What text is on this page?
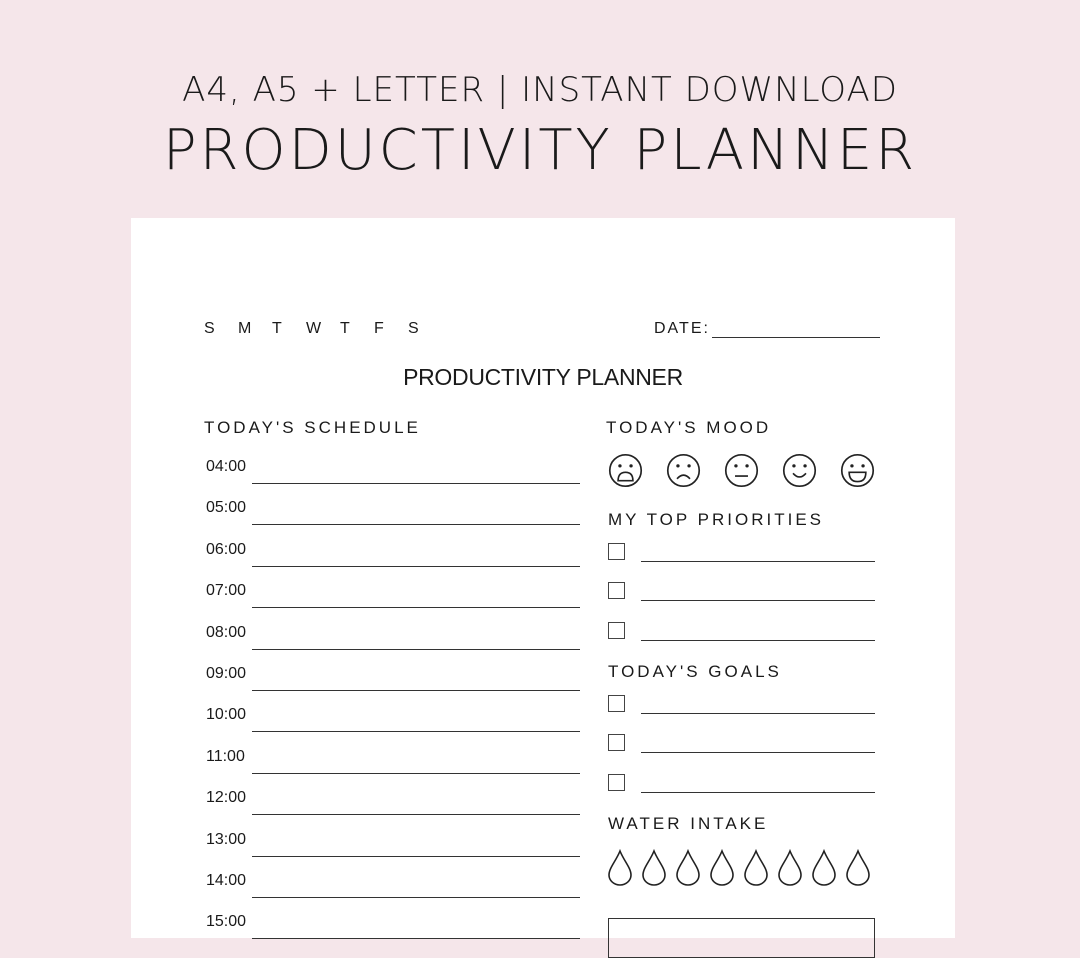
A4, A5 + LETTER | INSTANT DOWNLOAD
PRODUCTIVITY PLANNER
S	M	T	W	T	F	S	DATE:
PRODUCTIVITY PLANNER
TODAY'S SCHEDULE
04:00
05:00
06:00
07:00
08:00
09:00
10:00
11:00
12:00
13:00
14:00
15:00
TODAY'S MOOD
MY TOP PRIORITIES
TODAY'S GOALS
WATER INTAKE
